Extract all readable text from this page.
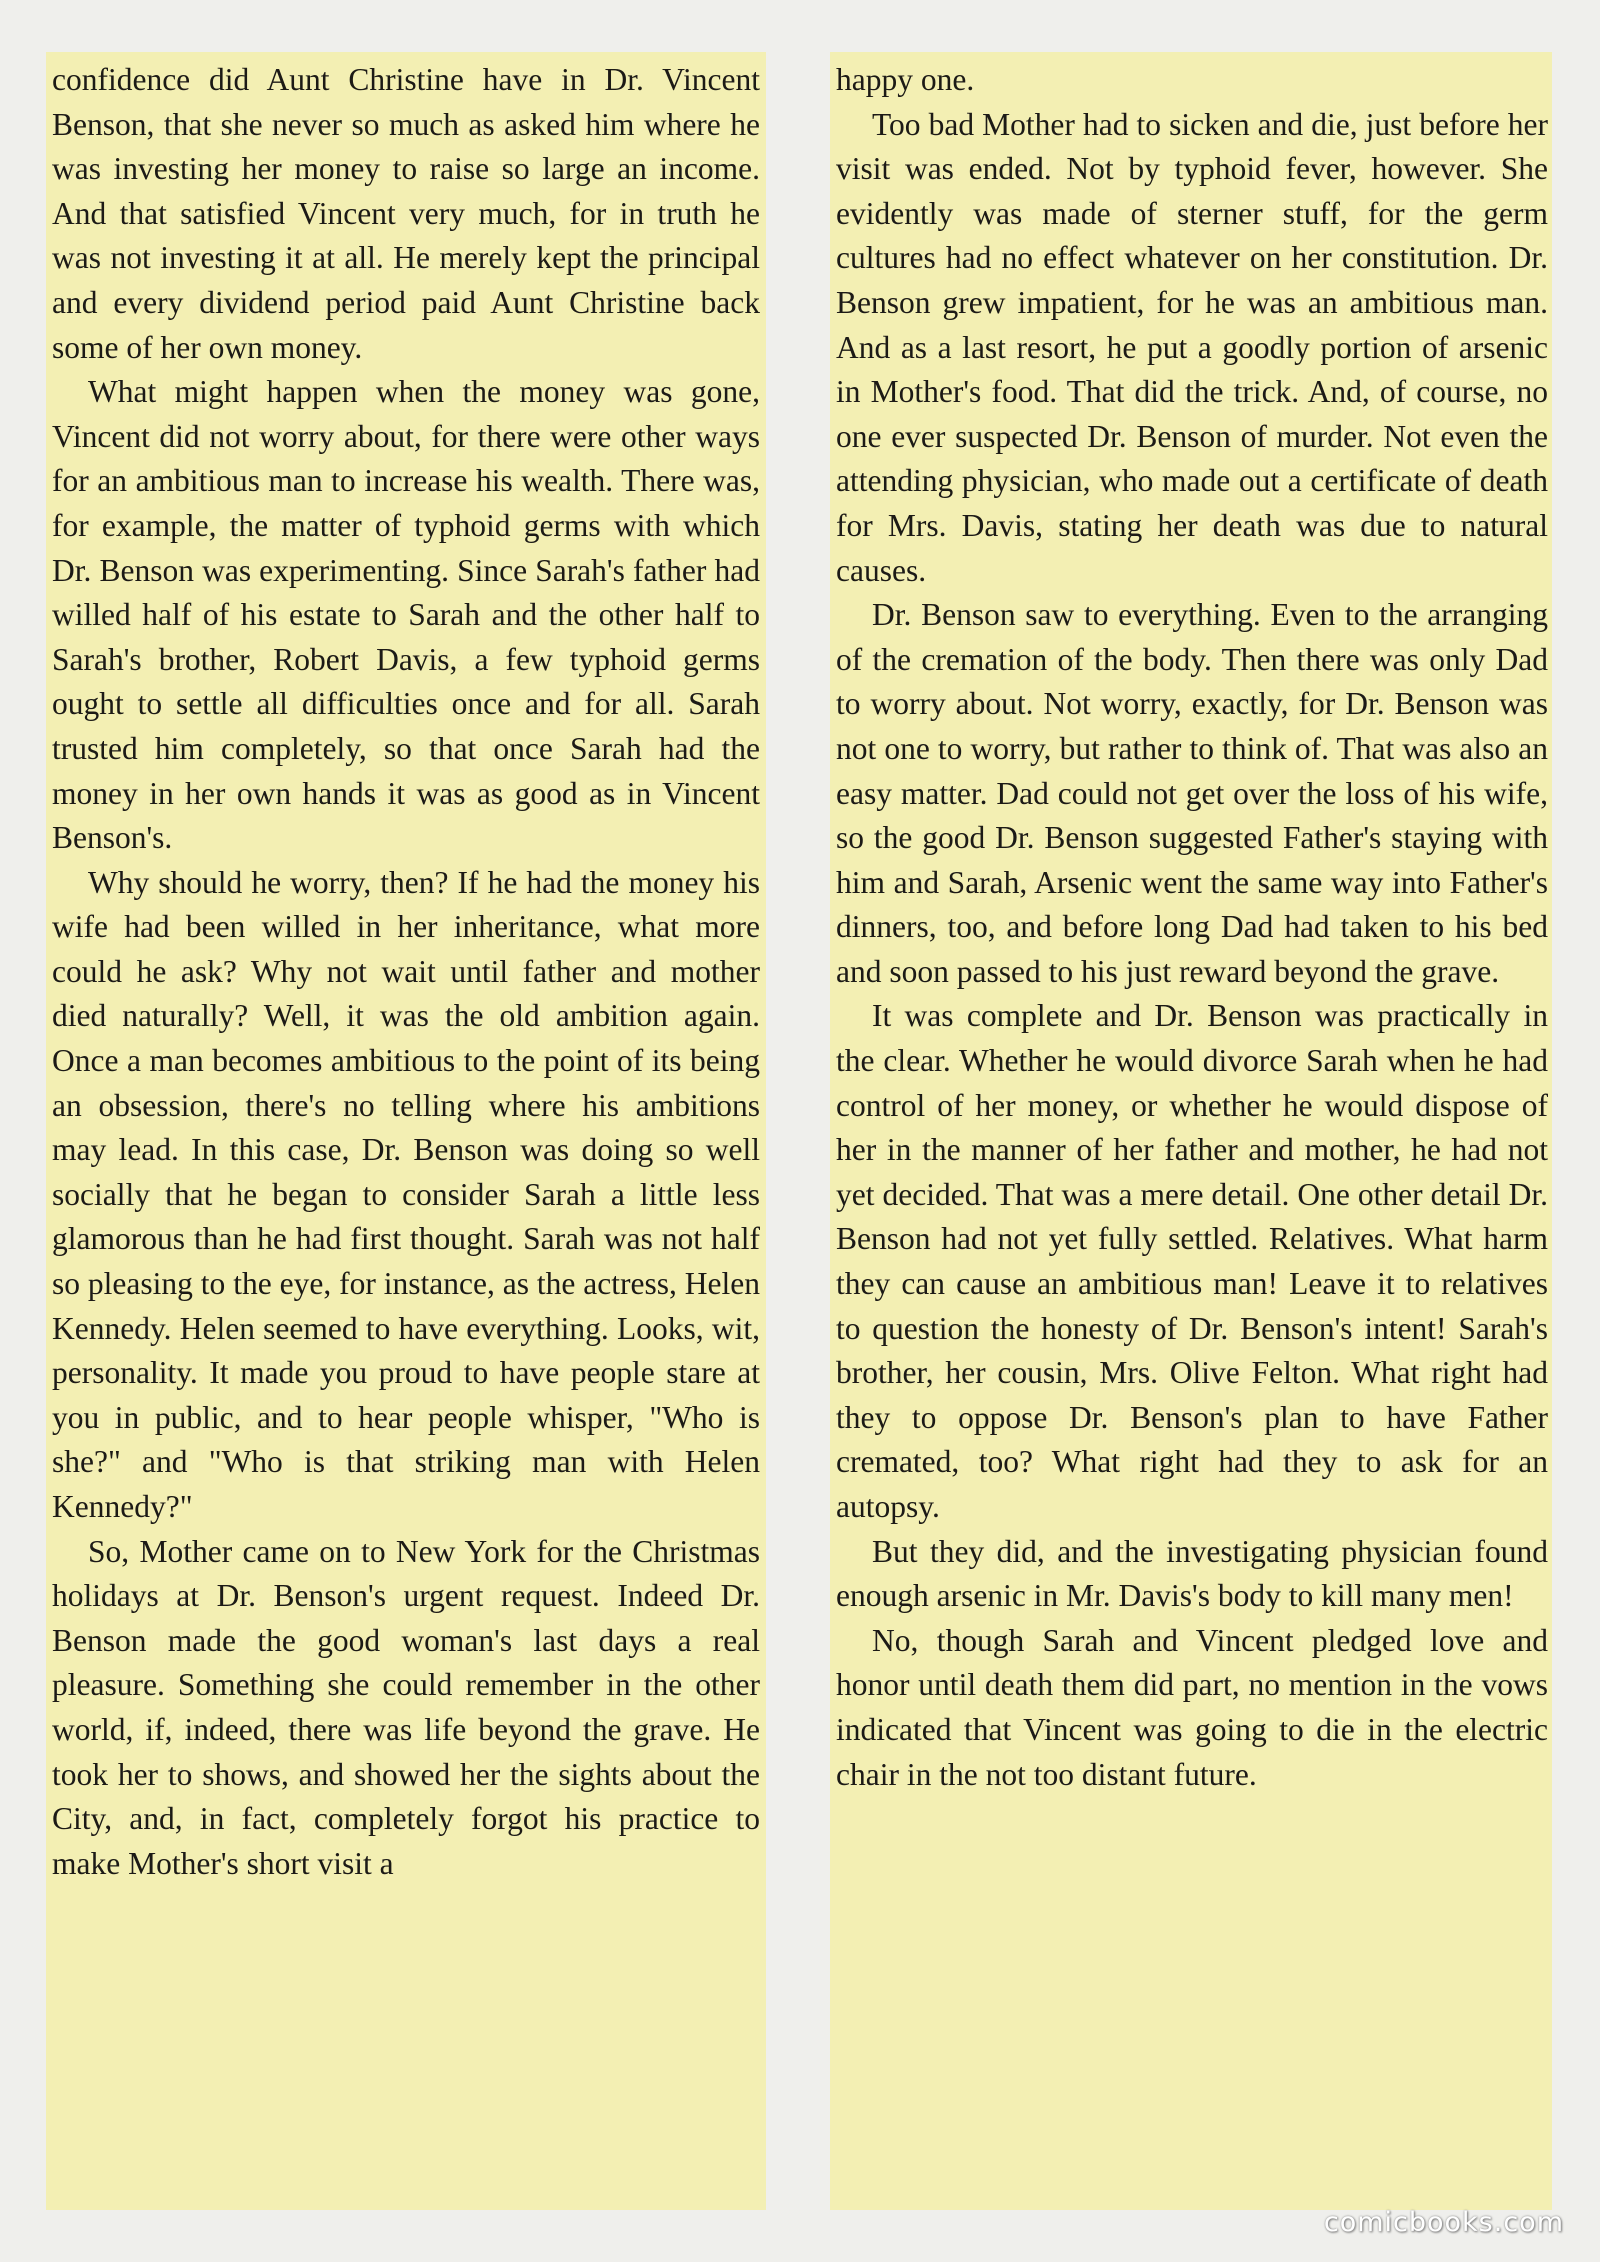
confidence did Aunt Christine have in Dr. Vincent Benson, that she never so much as asked him where he was investing her money to raise so large an income. And that satisfied Vincent very much, for in truth he was not investing it at all. He merely kept the principal and every dividend period paid Aunt Christine back some of her own money.

What might happen when the money was gone, Vincent did not worry about, for there were other ways for an ambitious man to increase his wealth. There was, for example, the matter of typhoid germs with which Dr. Benson was experimenting. Since Sarah's father had willed half of his estate to Sarah and the other half to Sarah's brother, Robert Davis, a few typhoid germs ought to settle all difficulties once and for all. Sarah trusted him completely, so that once Sarah had the money in her own hands it was as good as in Vincent Benson's.

Why should he worry, then? If he had the money his wife had been willed in her inheritance, what more could he ask? Why not wait until father and mother died naturally? Well, it was the old ambition again. Once a man becomes ambitious to the point of its being an obsession, there's no telling where his ambitions may lead. In this case, Dr. Benson was doing so well socially that he began to consider Sarah a little less glamorous than he had first thought. Sarah was not half so pleasing to the eye, for instance, as the actress, Helen Kennedy. Helen seemed to have everything. Looks, wit, personality. It made you proud to have people stare at you in public, and to hear people whisper, "Who is she?" and "Who is that striking man with Helen Kennedy?"

So, Mother came on to New York for the Christmas holidays at Dr. Benson's urgent request. Indeed Dr. Benson made the good woman's last days a real pleasure. Something she could remember in the other world, if, indeed, there was life beyond the grave. He took her to shows, and showed her the sights about the City, and, in fact, completely forgot his practice to make Mother's short visit a

happy one.

Too bad Mother had to sicken and die, just before her visit was ended. Not by typhoid fever, however. She evidently was made of sterner stuff, for the germ cultures had no effect whatever on her constitution. Dr. Benson grew impatient, for he was an ambitious man. And as a last resort, he put a goodly portion of arsenic in Mother's food. That did the trick. And, of course, no one ever suspected Dr. Benson of murder. Not even the attending physician, who made out a certificate of death for Mrs. Davis, stating her death was due to natural causes.

Dr. Benson saw to everything. Even to the arranging of the cremation of the body. Then there was only Dad to worry about. Not worry, exactly, for Dr. Benson was not one to worry, but rather to think of. That was also an easy matter. Dad could not get over the loss of his wife, so the good Dr. Benson suggested Father's staying with him and Sarah, Arsenic went the same way into Father's dinners, too, and before long Dad had taken to his bed and soon passed to his just reward beyond the grave.

It was complete and Dr. Benson was practically in the clear. Whether he would divorce Sarah when he had control of her money, or whether he would dispose of her in the manner of her father and mother, he had not yet decided. That was a mere detail. One other detail Dr. Benson had not yet fully settled. Relatives. What harm they can cause an ambitious man! Leave it to relatives to question the honesty of Dr. Benson's intent! Sarah's brother, her cousin, Mrs. Olive Felton. What right had they to oppose Dr. Benson's plan to have Father cremated, too? What right had they to ask for an autopsy.

But they did, and the investigating physician found enough arsenic in Mr. Davis's body to kill many men!

No, though Sarah and Vincent pledged love and honor until death them did part, no mention in the vows indicated that Vincent was going to die in the electric chair in the not too distant future.

comicbooks.com
